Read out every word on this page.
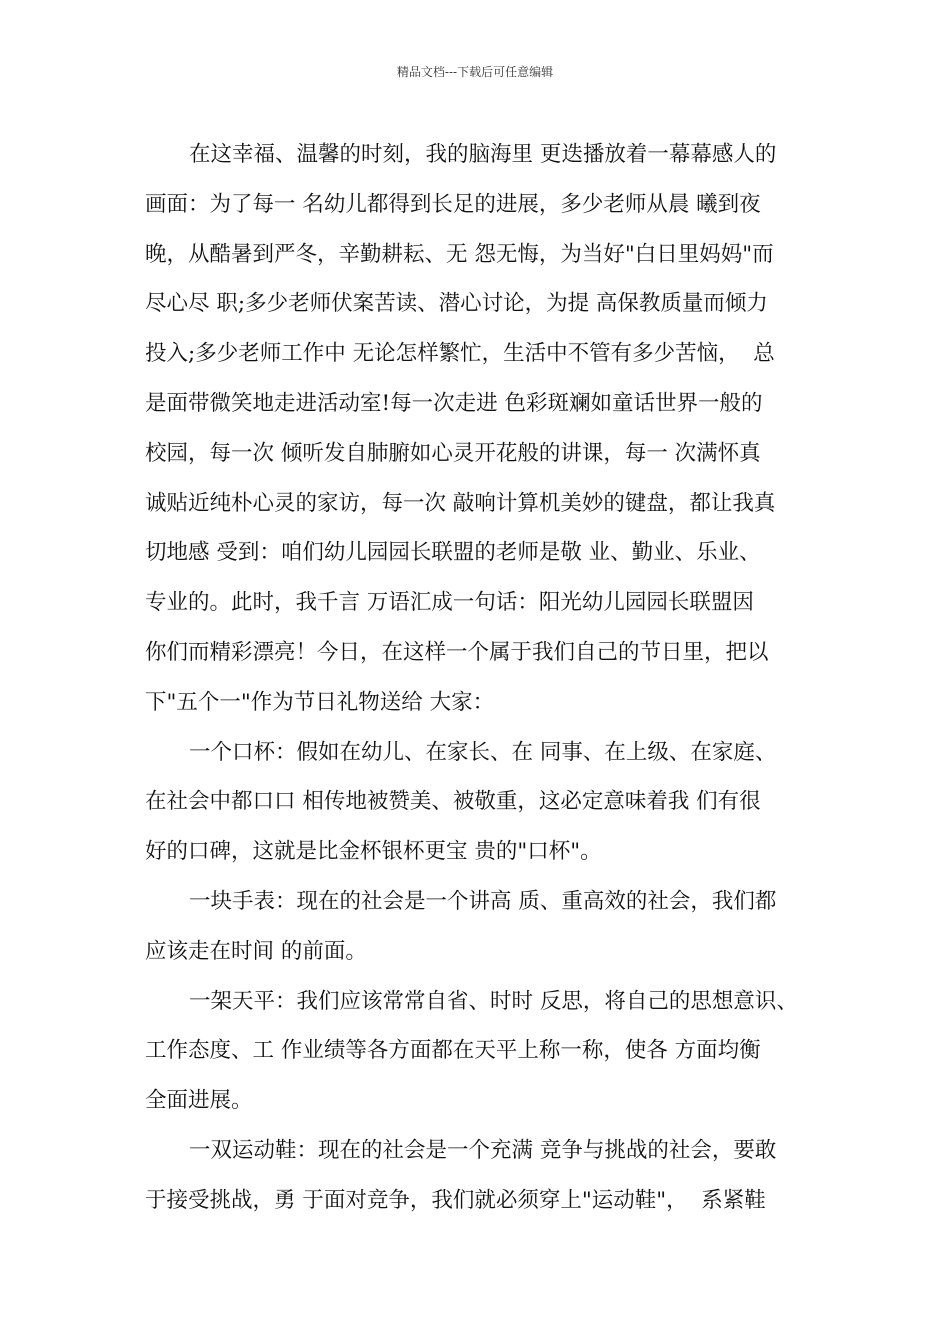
精品文档---下载后可任意编辑
在这幸福、温馨的时刻，我的脑海里 更迭播放着一幕幕感人的
画面：为了每一 名幼儿都得到长足的进展，多少老师从晨 曦到夜
晚，从酷暑到严冬，辛勤耕耘、无 怨无悔，为当好"白日里妈妈"而
尽心尽 职;多少老师伏案苦读、潜心讨论，为提 高保教质量而倾力
投入;多少老师工作中 无论怎样繁忙，生活中不管有多少苦恼，  总
是面带微笑地走进活动室!每一次走进 色彩斑斓如童话世界一般的
校园，每一次 倾听发自肺腑如心灵开花般的讲课，每一 次满怀真
诚贴近纯朴心灵的家访，每一次 敲响计算机美妙的键盘，都让我真
切地感 受到：咱们幼儿园园长联盟的老师是敬 业、勤业、乐业、
专业的。此时，我千言 万语汇成一句话：阳光幼儿园园长联盟因
你们而精彩漂亮！今日，在这样一个属于我们自己的节日里，把以
下"五个一"作为节日礼物送给 大家：
一个口杯：假如在幼儿、在家长、在 同事、在上级、在家庭、
在社会中都口口 相传地被赞美、被敬重，这必定意味着我 们有很
好的口碑，这就是比金杯银杯更宝 贵的"口杯"。
一块手表：现在的社会是一个讲高 质、重高效的社会，我们都
应该走在时间 的前面。
一架天平：我们应该常常自省、时时 反思，将自己的思想意识、
工作态度、工 作业绩等各方面都在天平上称一称，使各 方面均衡
全面进展。
一双运动鞋：现在的社会是一个充满 竞争与挑战的社会，要敢
于接受挑战，勇 于面对竞争，我们就必须穿上"运动鞋"，  系紧鞋
